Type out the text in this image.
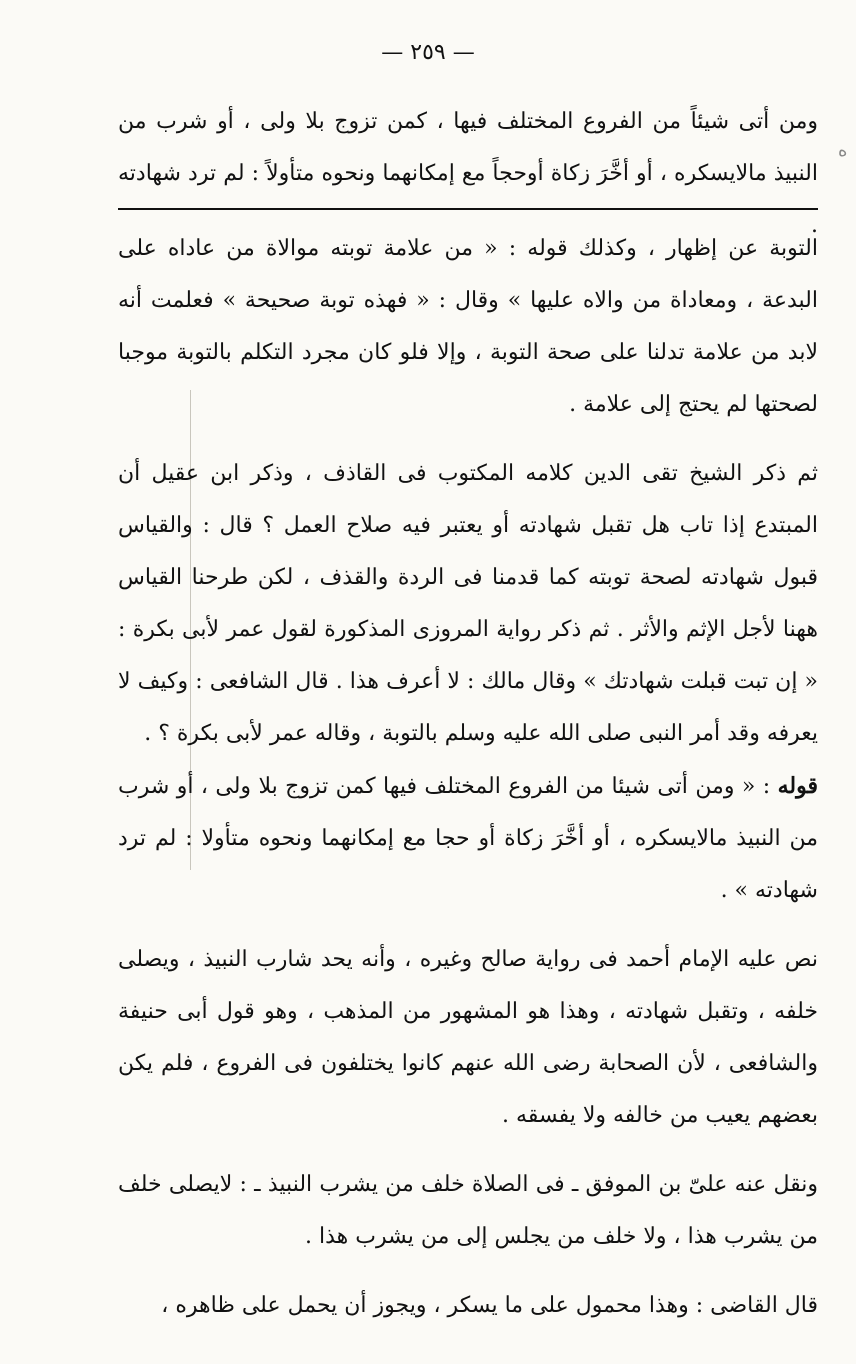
— ٢٥٩ —
ه
ومن أتى شيئاً من الفروع المختلف فيها ، كمن تزوج بلا ولى ، أو شرب من النبيذ مالايسكره ، أو أخَّرَ زكاة أوحجاً مع إمكانهما ونحوه متأولاً : لم ترد شهادته .

التوبة عن إظهار ، وكذلك قوله : « من علامة توبته موالاة من عاداه على البدعة ، ومعاداة من والاه عليها » وقال : « فهذه توبة صحيحة » فعلمت أنه لابد من علامة تدلنا على صحة التوبة ، وإلا فلو كان مجرد التكلم بالتوبة موجبا لصحتها لم يحتج إلى علامة .

ثم ذكر الشيخ تقى الدين كلامه المكتوب فى القاذف ، وذكر ابن عقيل أن المبتدع إذا تاب هل تقبل شهادته أو يعتبر فيه صلاح العمل ؟ قال : والقياس قبول شهادته لصحة توبته كما قدمنا فى الردة والقذف ، لكن طرحنا القياس ههنا لأجل الإثم والأثر . ثم ذكر رواية المروزى المذكورة لقول عمر لأبى بكرة : « إن تبت قبلت شهادتك » وقال مالك : لا أعرف هذا . قال الشافعى : وكيف لا يعرفه وقد أمر النبى صلى الله عليه وسلم بالتوبة ، وقاله عمر لأبى بكرة ؟ .

قوله : « ومن أتى شيئا من الفروع المختلف فيها كمن تزوج بلا ولى ، أو شرب من النبيذ مالايسكره ، أو أخَّرَ زكاة أو حجا مع إمكانهما ونحوه متأولا : لم ترد شهادته » .

نص عليه الإمام أحمد فى رواية صالح وغيره ، وأنه يحد شارب النبيذ ، ويصلى خلفه ، وتقبل شهادته ، وهذا هو المشهور من المذهب ، وهو قول أبى حنيفة والشافعى ، لأن الصحابة رضى الله عنهم كانوا يختلفون فى الفروع ، فلم يكن بعضهم يعيب من خالفه ولا يفسقه .

ونقل عنه علىّ بن الموفق ـ فى الصلاة خلف من يشرب النبيذ ـ : لايصلى خلف من يشرب هذا ، ولا خلف من يجلس إلى من يشرب هذا .

قال القاضى : وهذا محمول على ما يسكر ، ويجوز أن يحمل على ظاهره ،
